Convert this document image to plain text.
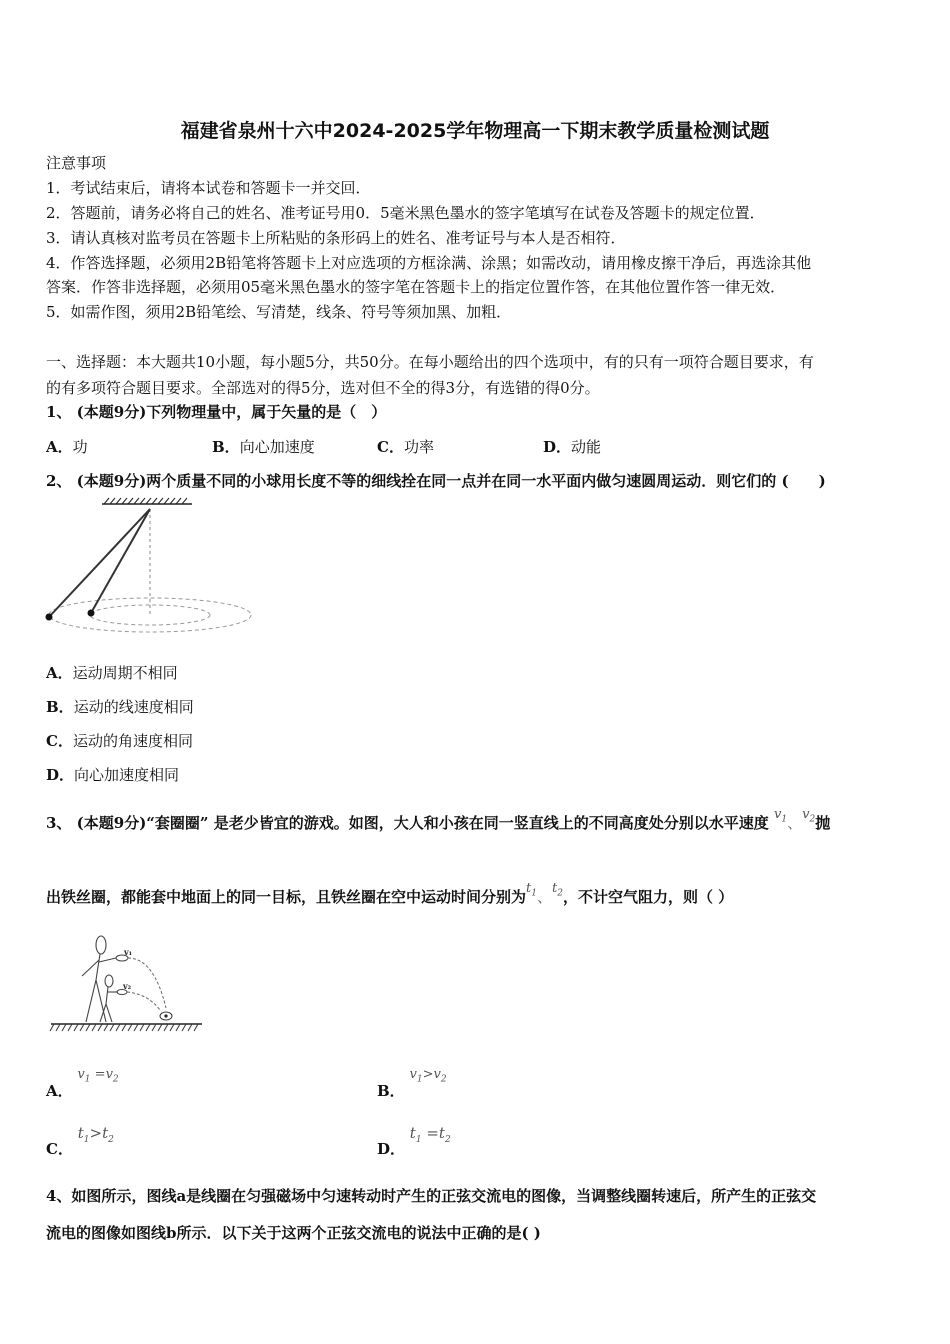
福建省泉州十六中2024-2025学年物理高一下期末教学质量检测试题
注意事项
1．考试结束后，请将本试卷和答题卡一并交回．
2．答题前，请务必将自己的姓名、准考证号用0．5毫米黑色墨水的签字笔填写在试卷及答题卡的规定位置．
3．请认真核对监考员在答题卡上所粘贴的条形码上的姓名、准考证号与本人是否相符．
4．作答选择题，必须用2B铅笔将答题卡上对应选项的方框涂满、涂黑；如需改动，请用橡皮擦干净后，再选涂其他
答案．作答非选择题，必须用05毫米黑色墨水的签字笔在答题卡上的指定位置作答，在其他位置作答一律无效．
5．如需作图，须用2B铅笔绘、写清楚，线条、符号等须加黑、加粗．
一、选择题：本大题共10小题，每小题5分，共50分。在每小题给出的四个选项中，有的只有一项符合题目要求，有
的有多项符合题目要求。全部选对的得5分，选对但不全的得3分，有选错的得0分。
1、 (本题9分)下列物理量中，属于矢量的是（　）
A．功	B．向心加速度	C．功率	D．动能
2、 (本题9分)两个质量不同的小球用长度不等的细线拴在同一点并在同一水平面内做匀速圆周运动．则它们的 (　　)
A．运动周期不相同
B．运动的线速度相同
C．运动的角速度相同
D．向心加速度相同
3、 (本题9分)“套圈圈” 是老少皆宜的游戏。如图，大人和小孩在同一竖直线上的不同高度处分别以水平速度 $v_1$、$v_2$抛
出铁丝圈，都能套中地面上的同一目标，且铁丝圈在空中运动时间分别为$t_1$、$t_2$，不计空气阻力，则（ ）
v₁
v₂
A． $v_1 =v_2$
B． $v_1>v_2$
C． $t_1>t_2$	D． $t_1 =t_2$
4、如图所示，图线a是线圈在匀强磁场中匀速转动时产生的正弦交流电的图像，当调整线圈转速后，所产生的正弦交
流电的图像如图线b所示．以下关于这两个正弦交流电的说法中正确的是( )
